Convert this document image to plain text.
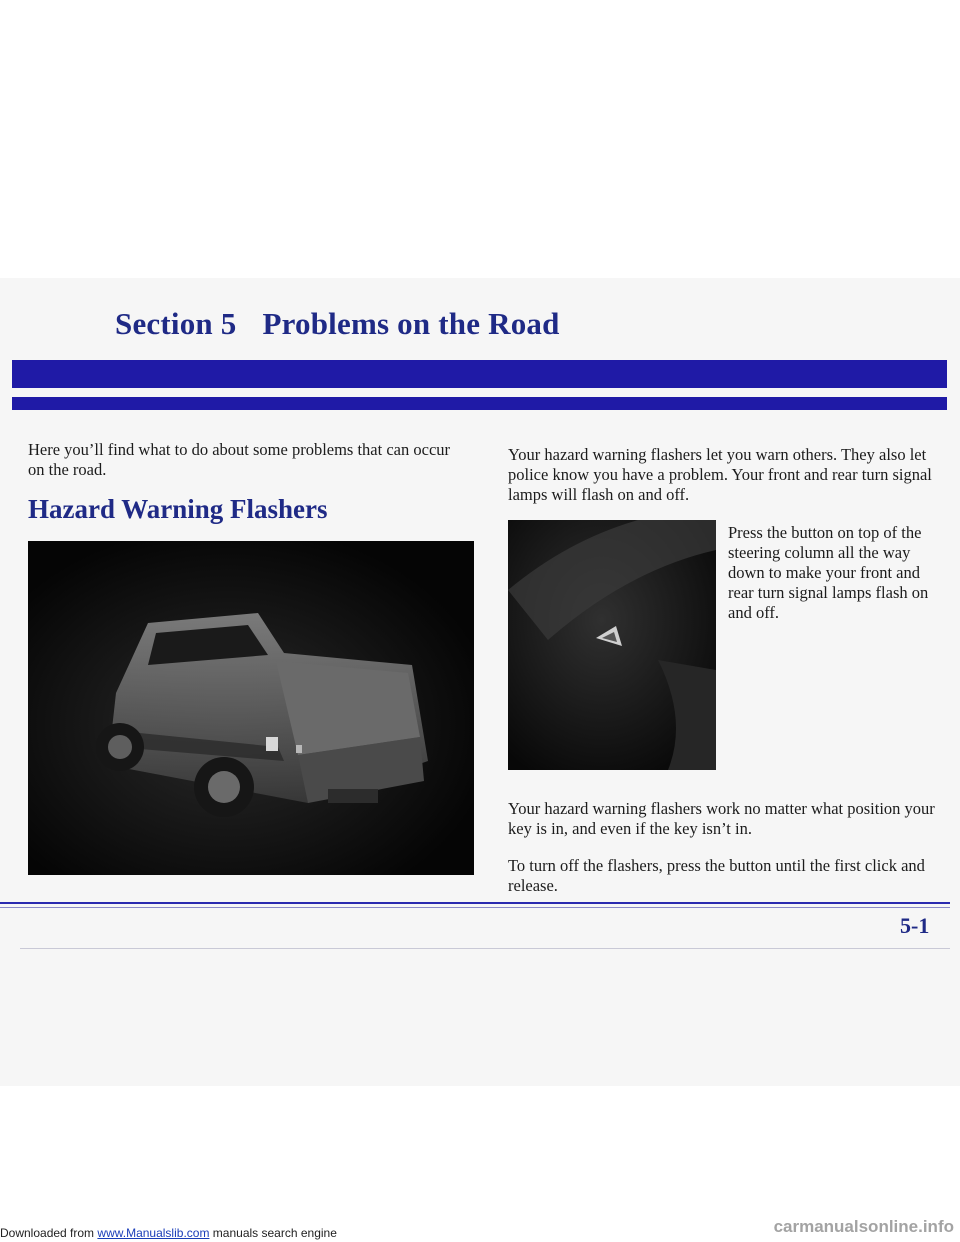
Section 5 Problems on the Road

Here you’ll find what to do about some problems that can occur on the road.

Hazard Warning Flashers

Your hazard warning flashers let you warn others. They also let police know you have a problem. Your front and rear turn signal lamps will flash on and off.

Press the button on top of the steering column all the way down to make your front and rear turn signal lamps flash on and off.

Your hazard warning flashers work no matter what position your key is in, and even if the key isn’t in.

To turn off the flashers, press the button until the first click and release.

5-1

Downloaded from www.Manualslib.com manuals search engine	carmanualsonline.info
